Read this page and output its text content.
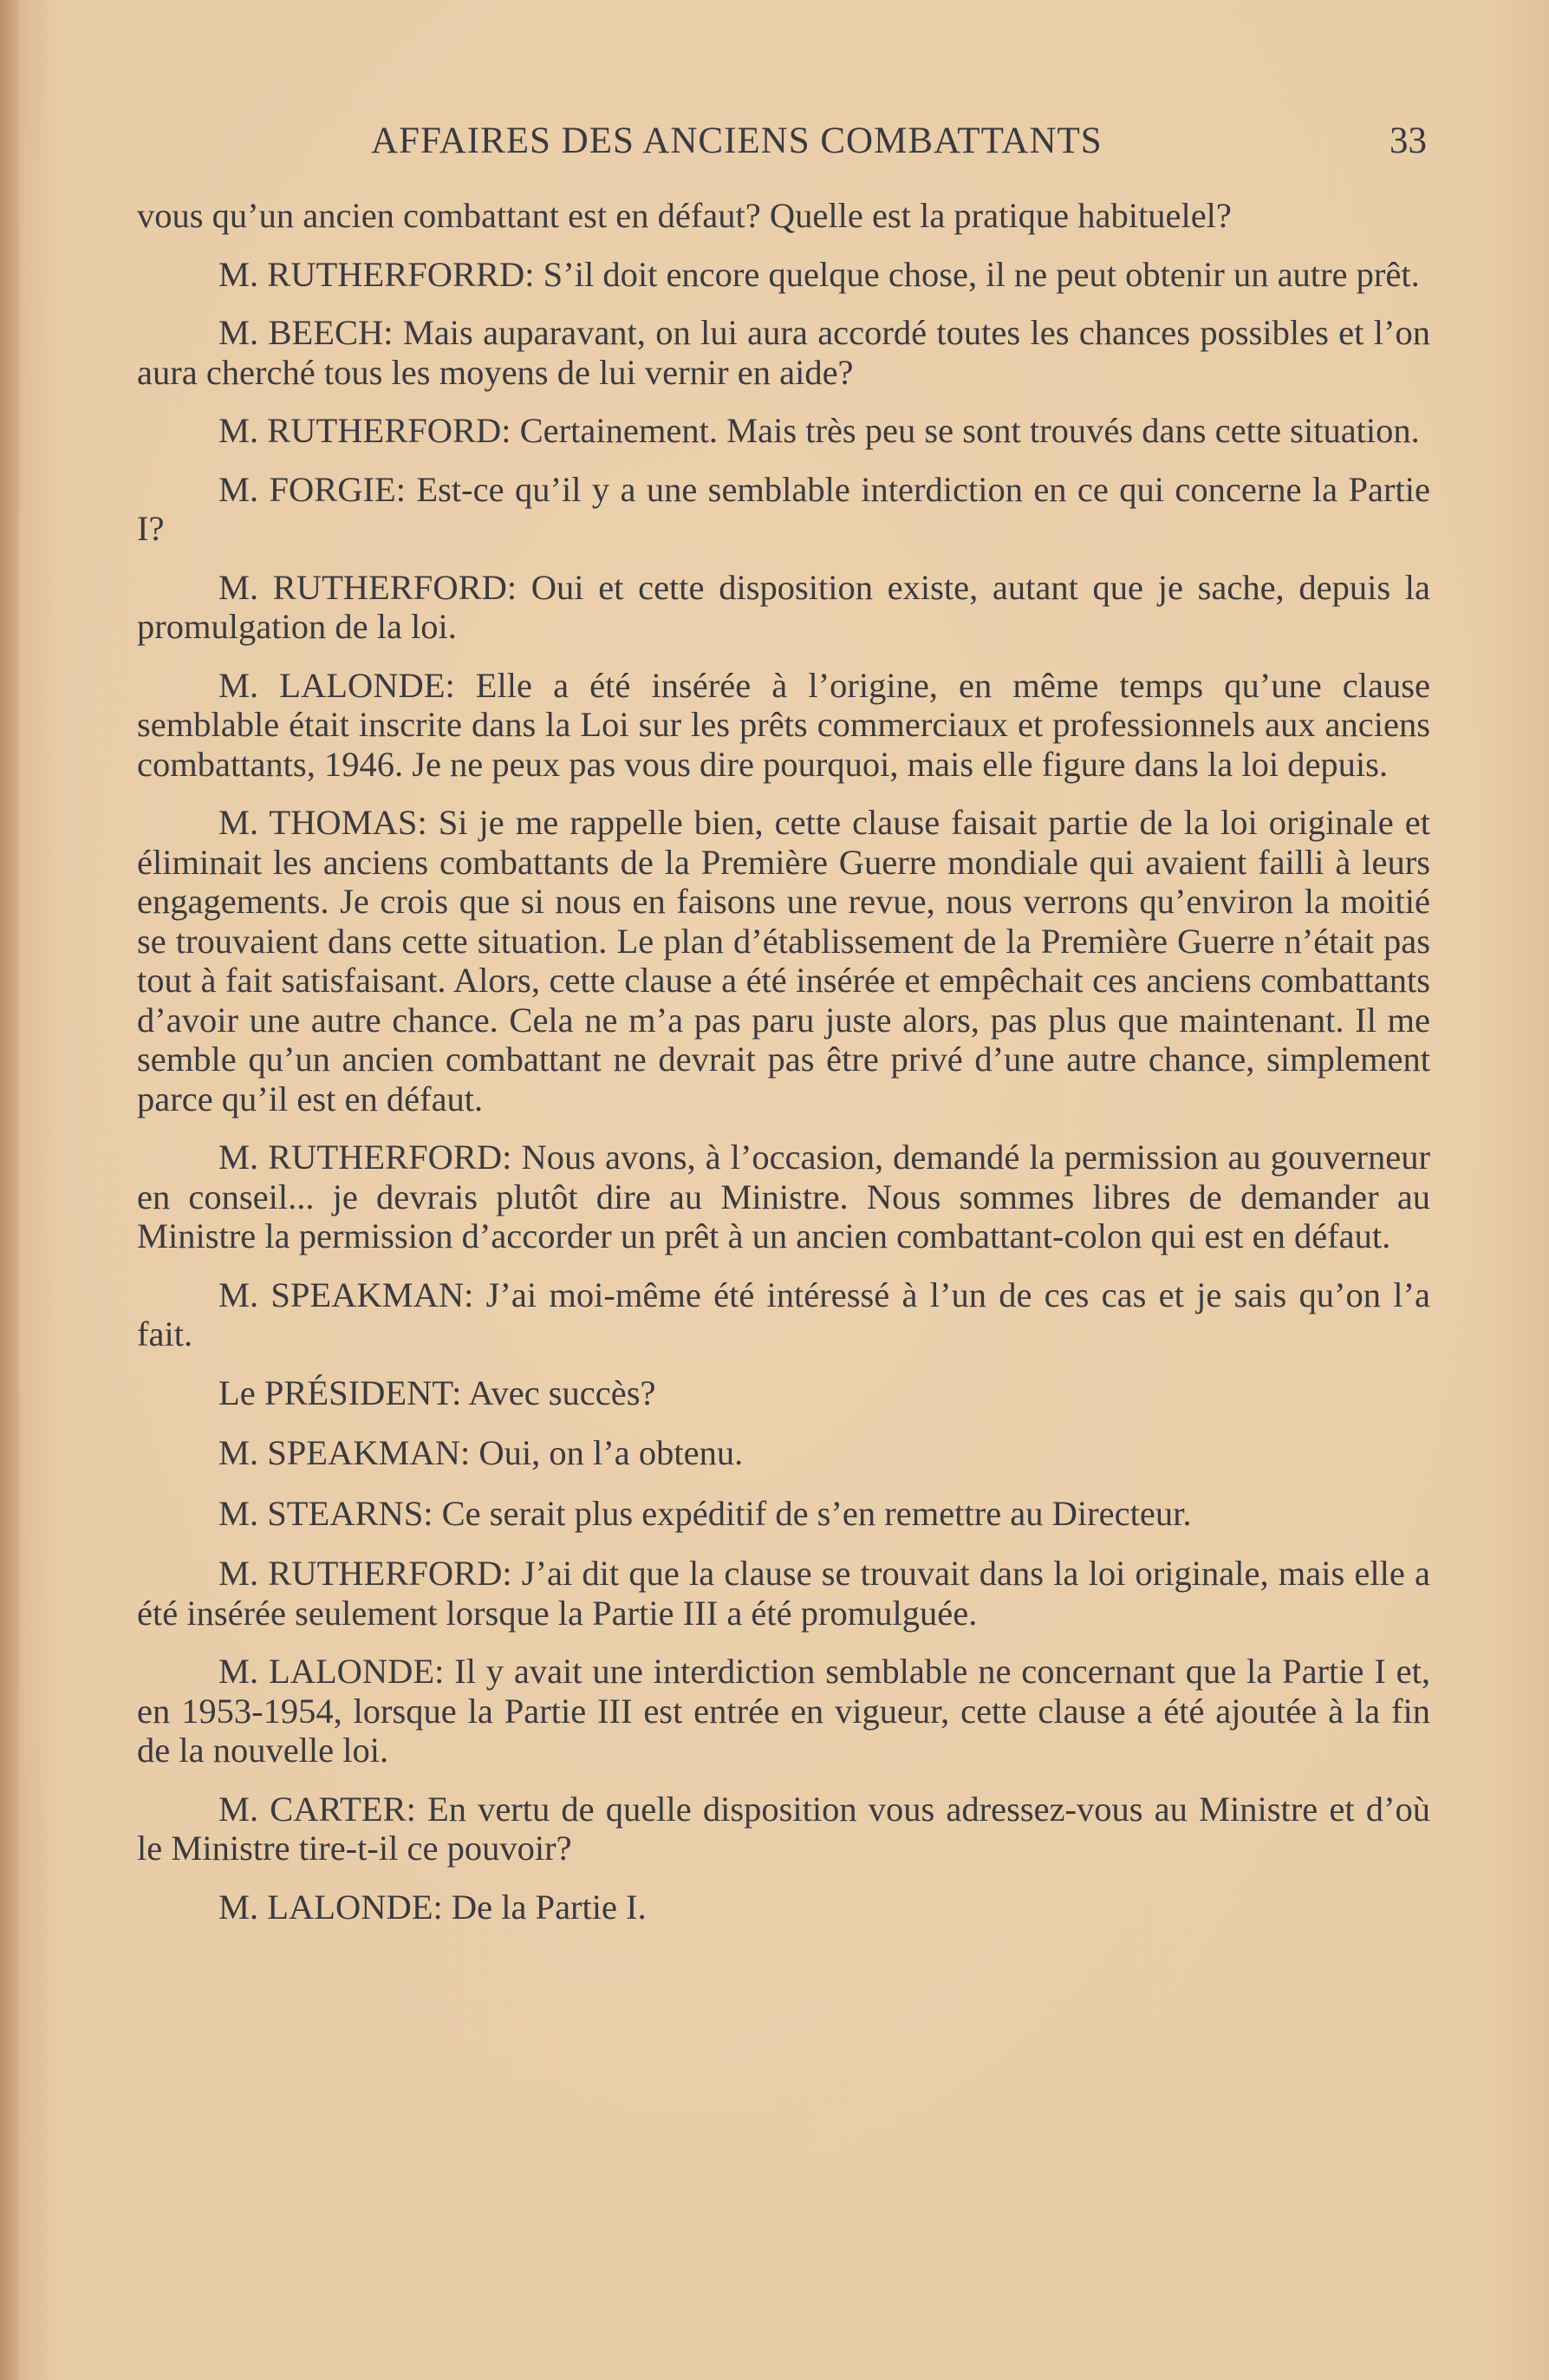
AFFAIRES DES ANCIENS COMBATTANTS	33

vous qu’un ancien combattant est en défaut? Quelle est la pratique habituelel?

M. RUTHERFORRD: S’il doit encore quelque chose, il ne peut obtenir un autre prêt.

M. BEECH: Mais auparavant, on lui aura accordé toutes les chances possibles et l’on aura cherché tous les moyens de lui vernir en aide?

M. RUTHERFORD: Certainement. Mais très peu se sont trouvés dans cette situation.

M. FORGIE: Est-ce qu’il y a une semblable interdiction en ce qui concerne la Partie I?

M. RUTHERFORD: Oui et cette disposition existe, autant que je sache, depuis la promulgation de la loi.

M. LALONDE: Elle a été insérée à l’origine, en même temps qu’une clause semblable était inscrite dans la Loi sur les prêts commerciaux et professionnels aux anciens combattants, 1946. Je ne peux pas vous dire pourquoi, mais elle figure dans la loi depuis.

M. THOMAS: Si je me rappelle bien, cette clause faisait partie de la loi originale et éliminait les anciens combattants de la Première Guerre mondiale qui avaient failli à leurs engagements. Je crois que si nous en faisons une revue, nous verrons qu’environ la moitié se trouvaient dans cette situation. Le plan d’établissement de la Première Guerre n’était pas tout à fait satisfaisant. Alors, cette clause a été insérée et empêchait ces anciens combattants d’avoir une autre chance. Cela ne m’a pas paru juste alors, pas plus que maintenant. Il me semble qu’un ancien combattant ne devrait pas être privé d’une autre chance, simplement parce qu’il est en défaut.

M. RUTHERFORD: Nous avons, à l’occasion, demandé la permission au gouverneur en conseil... je devrais plutôt dire au Ministre. Nous sommes libres de demander au Ministre la permission d’accorder un prêt à un ancien combattant-colon qui est en défaut.

M. SPEAKMAN: J’ai moi-même été intéressé à l’un de ces cas et je sais qu’on l’a fait.

Le PRÉSIDENT: Avec succès?

M. SPEAKMAN: Oui, on l’a obtenu.

M. STEARNS: Ce serait plus expéditif de s’en remettre au Directeur.

M. RUTHERFORD: J’ai dit que la clause se trouvait dans la loi originale, mais elle a été insérée seulement lorsque la Partie III a été promulguée.

M. LALONDE: Il y avait une interdiction semblable ne concernant que la Partie I et, en 1953-1954, lorsque la Partie III est entrée en vigueur, cette clause a été ajoutée à la fin de la nouvelle loi.

M. CARTER: En vertu de quelle disposition vous adressez-vous au Ministre et d’où le Ministre tire-t-il ce pouvoir?

M. LALONDE: De la Partie I.
